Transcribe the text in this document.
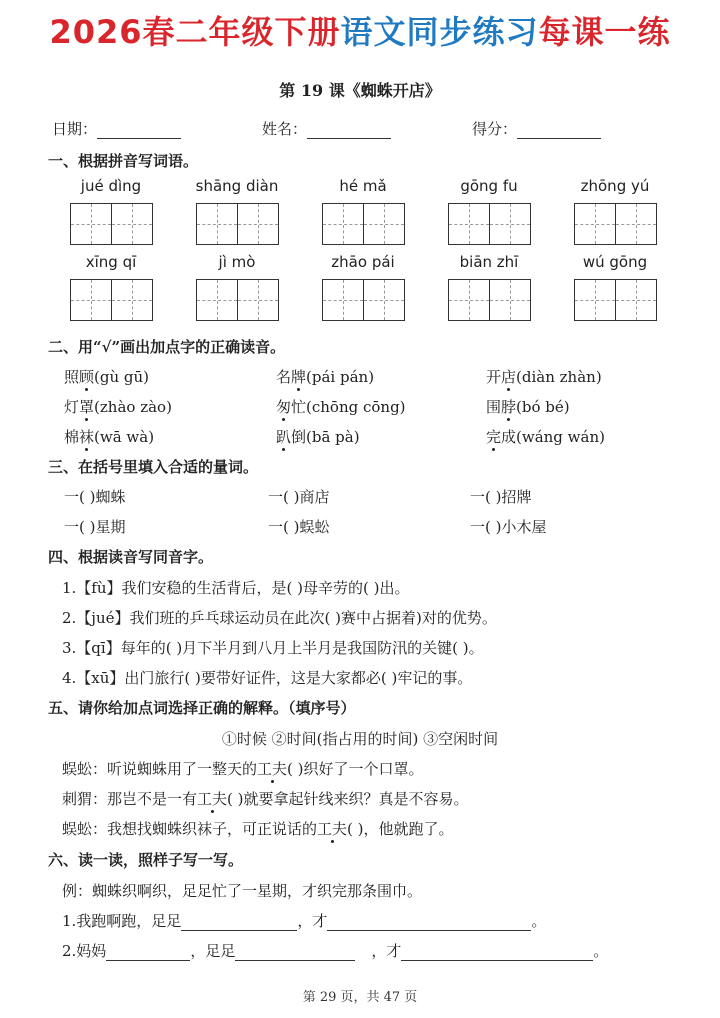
2026春二年级下册语文同步练习每课一练
第 19 课《蜘蛛开店》
日期：	姓名：	得分：
一、根据拼音写词语。
jué dìng	shāng diàn	hé mǎ	gōng fu	zhōng yú
xīng qī	jì mò	zhāo pái	biān zhī	wú gōng
二、用“√”画出加点字的正确读音。
照顾(gù gū)	名牌(pái pán)	开店(diàn zhàn)
灯罩(zhào zào)	匆忙(chōng cōng)	围脖(bó bé)
棉袜(wā wà)	趴倒(bā pà)	完成(wáng wán)
三、在括号里填入合适的量词。
一( )蜘蛛	一( )商店	一( )招牌
一( )星期	一( )蜈蚣	一( )小木屋
四、根据读音写同音字。
1.【fù】我们安稳的生活背后，是( )母辛劳的( )出。
2.【jué】我们班的乒乓球运动员在此次( )赛中占据着)对的优势。
3.【qī】每年的( )月下半月到八月上半月是我国防汛的关键( )。
4.【xū】出门旅行( )要带好证件，这是大家都必( )牢记的事。
五、请你给加点词选择正确的解释。（填序号）
①时候 ②时间(指占用的时间) ③空闲时间
蜈蚣：听说蜘蛛用了一整天的工夫( )织好了一个口罩。
刺猬：那岂不是一有工夫( )就要拿起针线来织？真是不容易。
蜈蚣：我想找蜘蛛织袜子，可正说话的工夫( )，他就跑了。
六、读一读，照样子写一写。
例：蜘蛛织啊织，足足忙了一星期，才织完那条围巾。
1.我跑啊跑，足足	，才	。
2.妈妈	，足足	，才	。
第 29 页，共 47 页
